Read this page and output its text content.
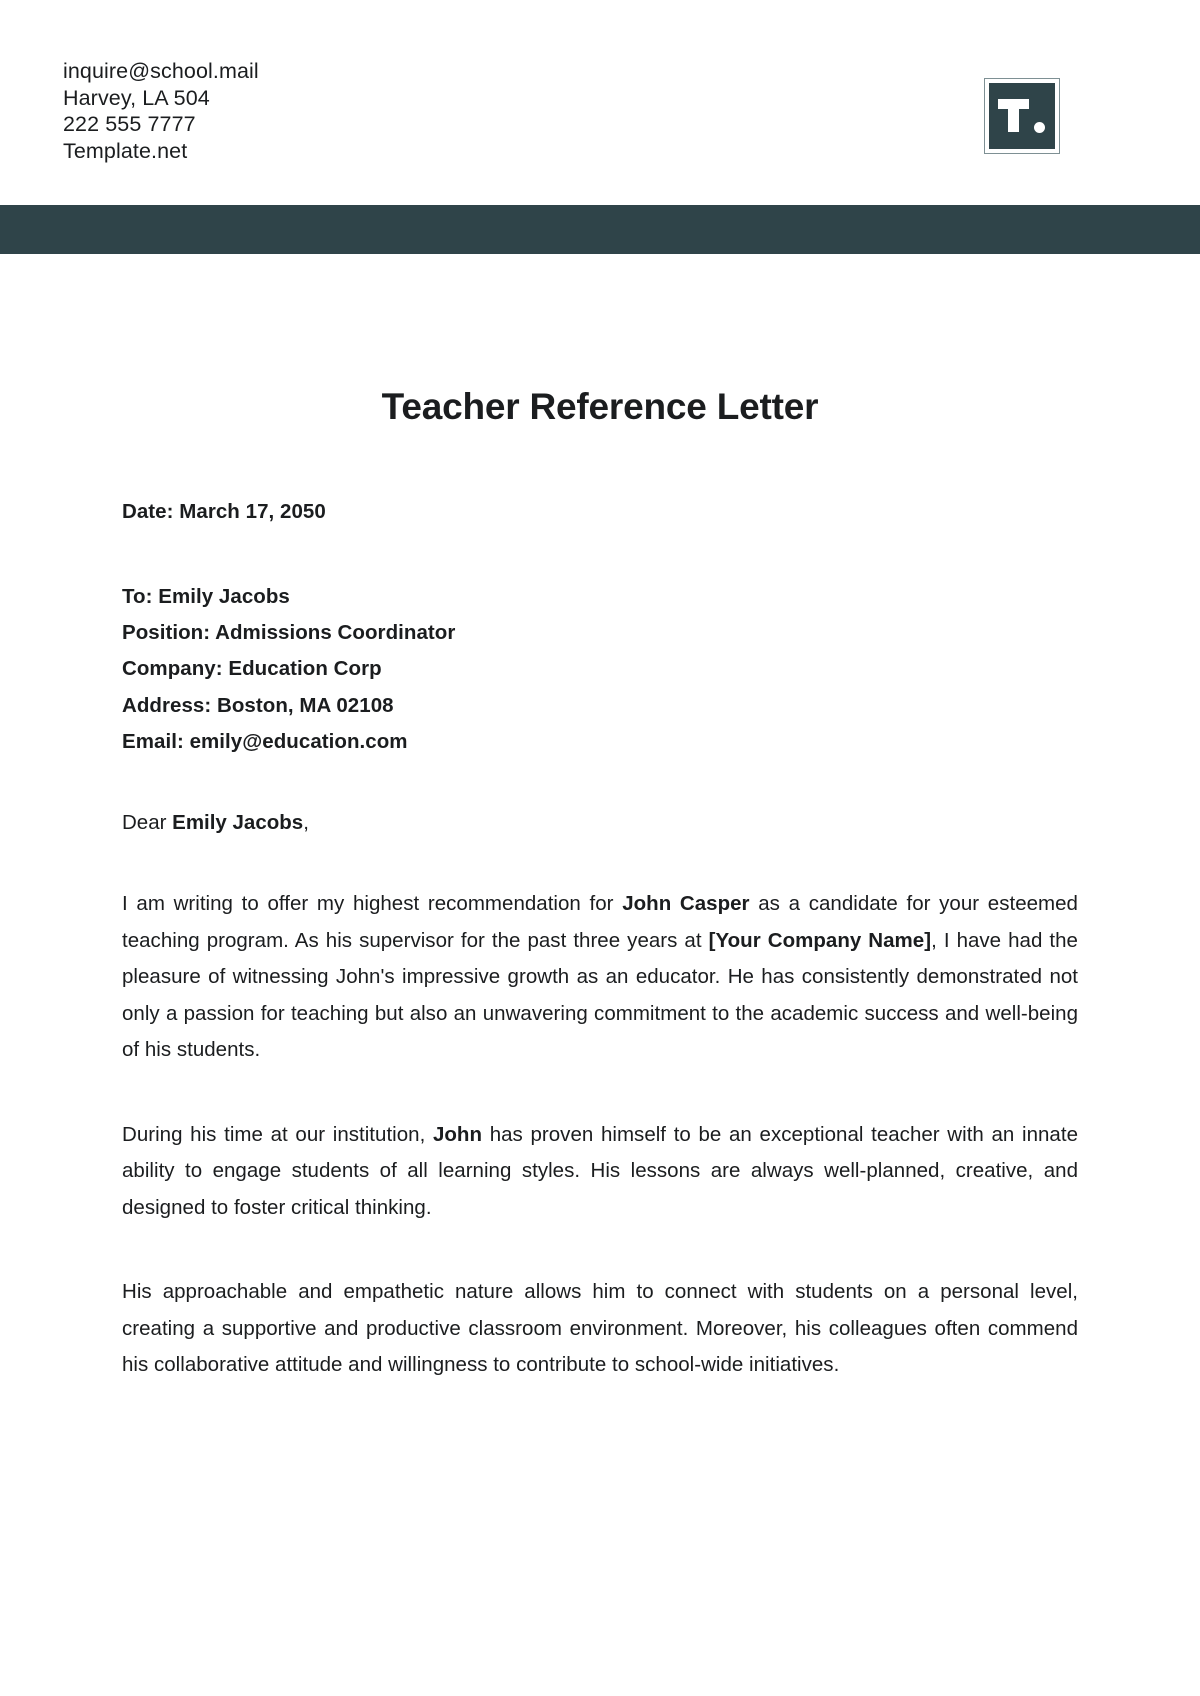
inquire@school.mail
Harvey, LA 504
222 555 7777
Template.net
Teacher Reference Letter
Date: March 17, 2050
To: Emily Jacobs
Position: Admissions Coordinator
Company: Education Corp
Address: Boston, MA 02108
Email: emily@education.com
Dear Emily Jacobs,
I am writing to offer my highest recommendation for John Casper as a candidate for your esteemed teaching program. As his supervisor for the past three years at [Your Company Name], I have had the pleasure of witnessing John's impressive growth as an educator. He has consistently demonstrated not only a passion for teaching but also an unwavering commitment to the academic success and well-being of his students.
During his time at our institution, John has proven himself to be an exceptional teacher with an innate ability to engage students of all learning styles. His lessons are always well-planned, creative, and designed to foster critical thinking.
His approachable and empathetic nature allows him to connect with students on a personal level, creating a supportive and productive classroom environment. Moreover, his colleagues often commend his collaborative attitude and willingness to contribute to school-wide initiatives.
